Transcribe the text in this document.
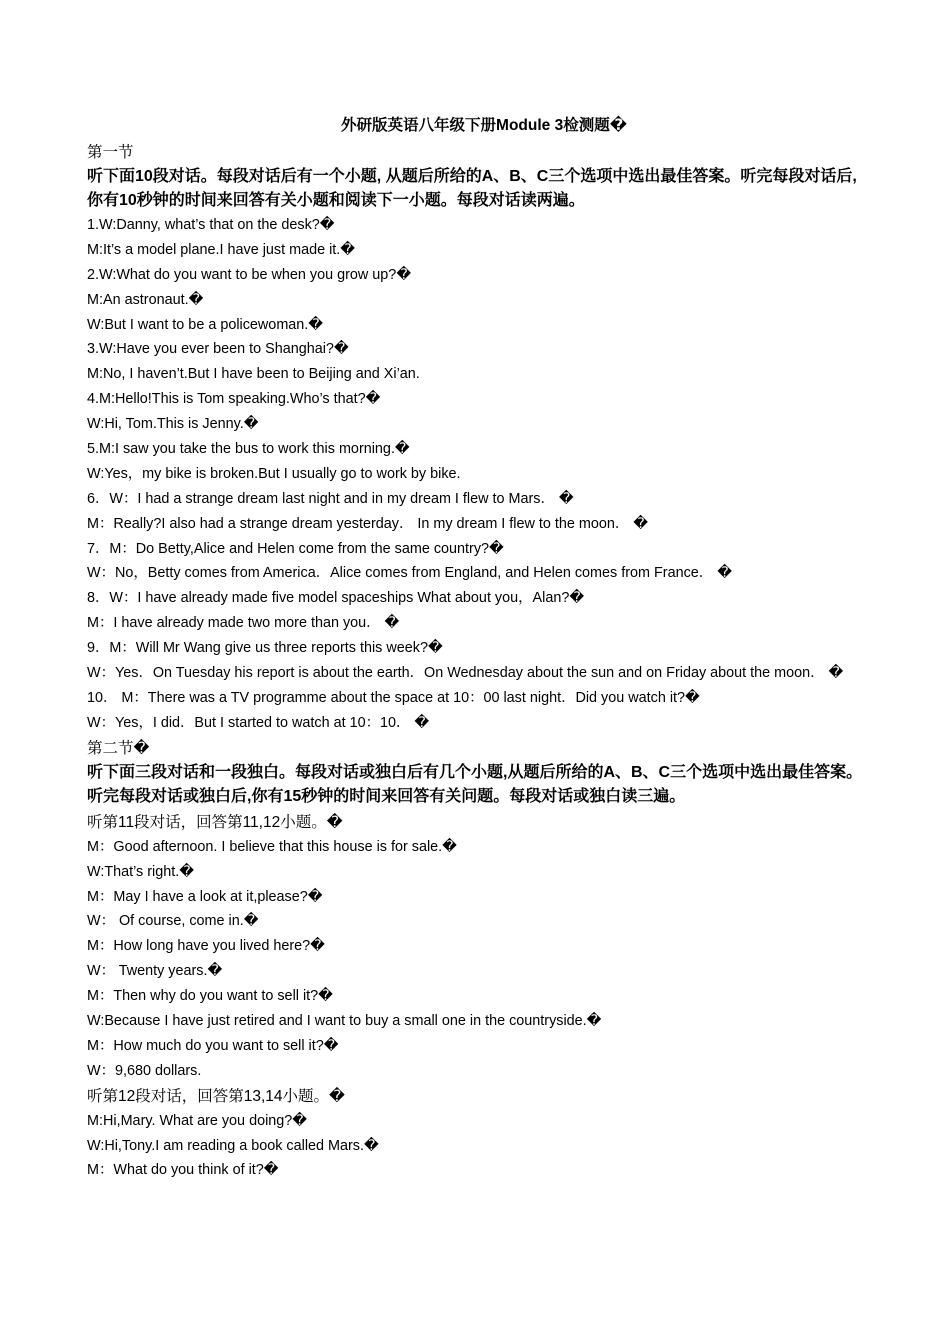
外研版英语八年级下册Module 3检测题�
第一节
听下面10段对话。每段对话后有一个小题, 从题后所给的A、B、C三个选项中选出最佳答案。听完每段对话后, 你有10秒钟的时间来回答有关小题和阅读下一小题。每段对话读两遍。
1.W:Danny, what’s that on the desk?�
M:It’s a model plane.I have just made it.�
2.W:What do you want to be when you grow up?�
M:An astronaut.�
W:But I want to be a policewoman.�
3.W:Have you ever been to Shanghai?�
M:No, I haven’t.But I have been to Beijing and Xi’an.
4.M:Hello!This is Tom speaking.Who’s that?�
W:Hi, Tom.This is Jenny.�
5.M:I saw you take the bus to work this morning.�
W:Yes，my bike is broken.But I usually go to work by bike.
6．W：I had a strange dream last night and in my dream I flew to Mars． �
M：Really?I also had a strange dream yesterday． In my dream I flew to the moon． �
7．M：Do Betty,Alice and Helen come from the same country?�
W：No，Betty comes from America．Alice comes from England, and Helen comes from France． �
8．W：I have already made five model spaceships What about you，Alan?�
M：I have already made two more than you． �
9．M：Will Mr Wang give us three reports this week?�
W：Yes．On Tuesday his report is about the earth．On Wednesday about the sun and on Friday about the moon． �
10． M：There was a TV programme about the space at 10：00 last night．Did you watch it?�
W：Yes，I did．But I started to watch at 10：10． �
第二节�
听下面三段对话和一段独白。每段对话或独白后有几个小题,从题后所给的A、B、C三个选项中选出最佳答案。听完每段对话或独白后,你有15秒钟的时间来回答有关问题。每段对话或独白读三遍。
听第11段对话，回答第11,12小题。�
M：Good afternoon. I believe that this house is for sale.�
W:That’s right.�
M：May I have a look at it,please?�
W： Of course, come in.�
M：How long have you lived here?�
W： Twenty years.�
M：Then why do you want to sell it?�
W:Because I have just retired and I want to buy a small one in the countryside.�
M：How much do you want to sell it?�
W：9,680 dollars.
听第12段对话，回答第13,14小题。�
M:Hi,Mary. What are you doing?�
W:Hi,Tony.I am reading a book called Mars.�
M：What do you think of it?�
